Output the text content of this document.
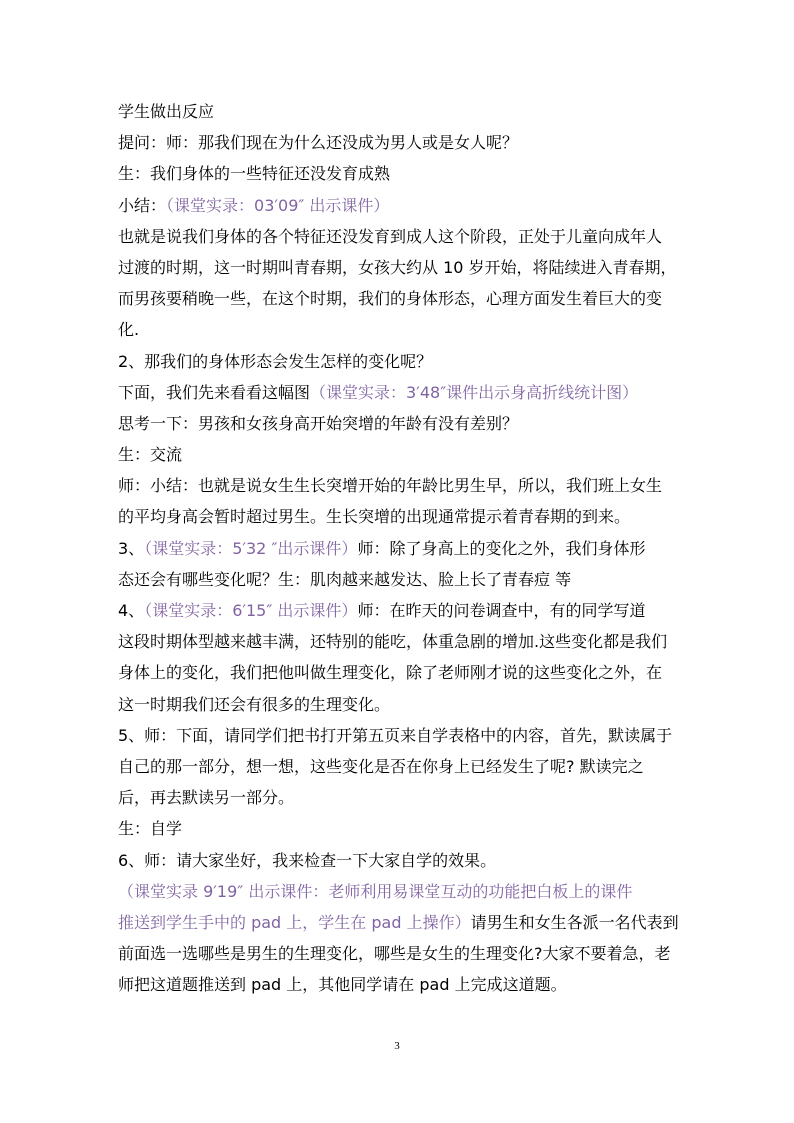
学生做出反应
提问：师：那我们现在为什么还没成为男人或是女人呢？
生：我们身体的一些特征还没发育成熟
小结：（课堂实录：03′09″ 出示课件）
也就是说我们身体的各个特征还没发育到成人这个阶段，正处于儿童向成年人
过渡的时期，这一时期叫青春期，女孩大约从 10 岁开始，将陆续进入青春期，
而男孩要稍晚一些，在这个时期，我们的身体形态，心理方面发生着巨大的变
化.
2、那我们的身体形态会发生怎样的变化呢？
下面，我们先来看看这幅图（课堂实录：3′48″课件出示身高折线统计图）
思考一下：男孩和女孩身高开始突增的年龄有没有差别？
生：交流
师：小结：也就是说女生生长突增开始的年龄比男生早，所以，我们班上女生
的平均身高会暂时超过男生。生长突增的出现通常提示着青春期的到来。
3、（课堂实录：5′32 ″出示课件）师：除了身高上的变化之外，我们身体形
态还会有哪些变化呢？生：肌肉越来越发达、脸上长了青春痘 等
4、（课堂实录：6′15″ 出示课件）师：在昨天的问卷调查中，有的同学写道
这段时期体型越来越丰满，还特别的能吃，体重急剧的增加.这些变化都是我们
身体上的变化，我们把他叫做生理变化，除了老师刚才说的这些变化之外，在
这一时期我们还会有很多的生理变化。
5、师：下面，请同学们把书打开第五页来自学表格中的内容，首先，默读属于
自己的那一部分，想一想，这些变化是否在你身上已经发生了呢? 默读完之
后，再去默读另一部分。
生：自学
6、师：请大家坐好，我来检查一下大家自学的效果。
（课堂实录 9′19″ 出示课件：老师利用易课堂互动的功能把白板上的课件
推送到学生手中的 pad 上，学生在 pad 上操作）请男生和女生各派一名代表到
前面选一选哪些是男生的生理变化，哪些是女生的生理变化?大家不要着急，老
师把这道题推送到 pad 上，其他同学请在 pad 上完成这道题。
3
